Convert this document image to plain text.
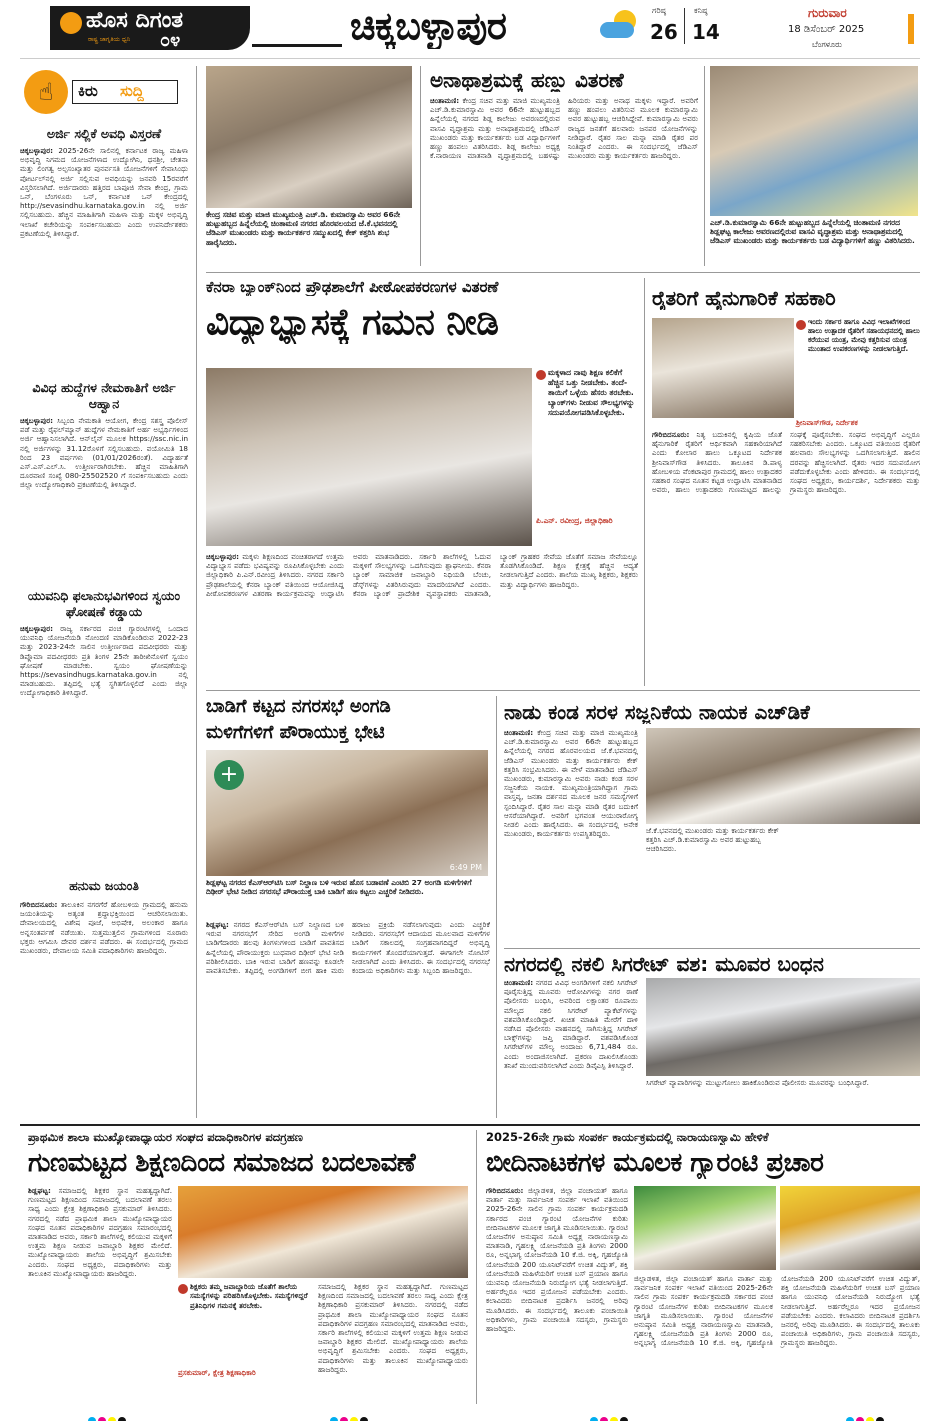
ಹೊಸ ದಿಗಂತ
ರಾಷ್ಟ್ರ ಜಾಗೃತಿಯ ಧ್ವನಿ ೦೪	ಚಿಕ್ಕಬಳ್ಳಾಪುರ	ಗರಿಷ್ಠ
26
ಕನಿಷ್ಠ
14
ಗುರುವಾರ
18 ಡಿಸೆಂಬರ್ 2025
ಬೆಂಗಳೂರು
☝	ಕಿರು ಸುದ್ದಿ
ಅರ್ಜಿ ಸಲ್ಲಿಕೆ ಅವಧಿ ವಿಸ್ತರಣೆ
ಚಿಕ್ಕಬಳ್ಳಾಪುರ: 2025-26ನೇ ಸಾಲಿನಲ್ಲಿ ಕರ್ನಾಟಕ ರಾಜ್ಯ ಮಹಿಳಾ ಅಭಿವೃದ್ಧಿ ನಿಗಮದ ಯೋಜನೆಗಳಾದ ಉದ್ಯೋಗಿನಿ, ಧನಶ್ರೀ, ಚೇತನಾ ಮತ್ತು ಲಿಂಗತ್ವ ಅಲ್ಪಸಂಖ್ಯಾತರ ಪುನರ್ವಸತಿ ಯೋಜನೆಗಳಿಗೆ ಸೇವಾಸಿಂಧು ಪೋರ್ಟಲ್‌ನಲ್ಲಿ ಅರ್ಜಿ ಸಲ್ಲಿಸುವ ಅವಧಿಯನ್ನು ಜನವರಿ 15ರವರೆಗೆ ವಿಸ್ತರಿಸಲಾಗಿದೆ. ಅರ್ಜಿದಾರರು ಹತ್ತಿರದ ಬಾಪೂಜಿ ಸೇವಾ ಕೇಂದ್ರ, ಗ್ರಾಮ ಒನ್, ಬೆಂಗಳೂರು ಒನ್, ಕರ್ನಾಟಕ ಒನ್ ಕೇಂದ್ರದಲ್ಲಿ http://sevasindhu.karnataka.gov.in ನಲ್ಲಿ ಅರ್ಜಿ ಸಲ್ಲಿಸಬಹುದು. ಹೆಚ್ಚಿನ ಮಾಹಿತಿಗಾಗಿ ಮಹಿಳಾ ಮತ್ತು ಮಕ್ಕಳ ಅಭಿವೃದ್ಧಿ ಇಲಾಖೆ ಕಚೇರಿಯನ್ನು ಸಂಪರ್ಕಿಸಬಹುದು ಎಂದು ಉಪನಿರ್ದೇಶಕರು ಪ್ರಕಟಣೆಯಲ್ಲಿ ತಿಳಿಸಿದ್ದಾರೆ.
ವಿವಿಧ ಹುದ್ದೆಗಳ ನೇಮಕಾತಿಗೆ ಅರ್ಜಿ ಆಹ್ವಾನ
ಚಿಕ್ಕಬಳ್ಳಾಪುರ: ಸಿಬ್ಬಂದಿ ನೇಮಕಾತಿ ಆಯೋಗ, ಕೇಂದ್ರ ಸಶಸ್ತ್ರ ಪೊಲೀಸ್ ಪಡೆ ಮತ್ತು ರೈಫಲ್‌ಮ್ಯಾನ್ ಹುದ್ದೆಗಳ ನೇಮಕಾತಿಗೆ ಅರ್ಹ ಅಭ್ಯರ್ಥಿಗಳಿಂದ ಅರ್ಜಿ ಆಹ್ವಾನಿಸಲಾಗಿದೆ. ಆನ್‌ಲೈನ್ ಮೂಲಕ https://ssc.nic.in ನಲ್ಲಿ ಅರ್ಜಿಗಳನ್ನು 31.12ರೊಳಗೆ ಸಲ್ಲಿಸಬಹುದು. ವಯೋಮಿತಿ 18 ರಿಂದ 23 ವರ್ಷಗಳು (01/01/2026ರಂತೆ). ವಿದ್ಯಾರ್ಹತೆ ಎಸ್.ಎಸ್.ಎಲ್.ಸಿ. ಉತ್ತೀರ್ಣರಾಗಿರಬೇಕು. ಹೆಚ್ಚಿನ ಮಾಹಿತಿಗಾಗಿ ದೂರವಾಣಿ ಸಂಖ್ಯೆ 080-25502520 ಗೆ ಸಂಪರ್ಕಿಸಬಹುದು ಎಂದು ಜಿಲ್ಲಾ ಉದ್ಯೋಗಾಧಿಕಾರಿ ಪ್ರಕಟಣೆಯಲ್ಲಿ ತಿಳಿಸಿದ್ದಾರೆ.
ಯುವನಿಧಿ ಫಲಾನುಭವಿಗಳಿಂದ ಸ್ವಯಂ ಘೋಷಣೆ ಕಡ್ಡಾಯ
ಚಿಕ್ಕಬಳ್ಳಾಪುರ: ರಾಜ್ಯ ಸರ್ಕಾರದ ಪಂಚ ಗ್ಯಾರಂಟಿಗಳಲ್ಲಿ ಒಂದಾದ ಯುವನಿಧಿ ಯೋಜನೆಯಡಿ ನೋಂದಣಿ ಮಾಡಿಕೊಂಡಿರುವ 2022-23 ಮತ್ತು 2023-24ನೇ ಸಾಲಿನ ಉತ್ತೀರ್ಣರಾದ ಪದವೀಧರರು ಮತ್ತು ಡಿಪ್ಲೊಮಾ ಪದವೀಧರರು ಪ್ರತಿ ತಿಂಗಳ 25ನೇ ತಾರೀಖಿನೊಳಗೆ ಸ್ವಯಂ ಘೋಷಣೆ ಮಾಡಬೇಕು. ಸ್ವಯಂ ಘೋಷಣೆಯನ್ನು https://sevasindhugs.karnataka.gov.in ನಲ್ಲಿ ಮಾಡಬಹುದು. ತಪ್ಪಿದಲ್ಲಿ ಭತ್ಯೆ ಸ್ಥಗಿತಗೊಳ್ಳಲಿದೆ ಎಂದು ಜಿಲ್ಲಾ ಉದ್ಯೋಗಾಧಿಕಾರಿ ತಿಳಿಸಿದ್ದಾರೆ.
ಹನುಮ ಜಯಂತಿ
ಗೌರಿಬಿದನೂರು: ತಾಲೂಕಿನ ನಗರಗೆರೆ ಹೋಬಳಿಯ ಗ್ರಾಮದಲ್ಲಿ ಹನುಮ ಜಯಂತಿಯನ್ನು ಅತ್ಯಂತ ಶ್ರದ್ಧಾಭಕ್ತಿಯಿಂದ ಆಚರಿಸಲಾಯಿತು. ದೇವಾಲಯದಲ್ಲಿ ವಿಶೇಷ ಪೂಜೆ, ಅಭಿಷೇಕ, ಅಲಂಕಾರ ಹಾಗೂ ಅನ್ನಸಂತರ್ಪಣೆ ನಡೆಯಿತು. ಸುತ್ತಮುತ್ತಲಿನ ಗ್ರಾಮಗಳಿಂದ ನೂರಾರು ಭಕ್ತರು ಆಗಮಿಸಿ ದೇವರ ದರ್ಶನ ಪಡೆದರು. ಈ ಸಂದರ್ಭದಲ್ಲಿ ಗ್ರಾಮದ ಮುಖಂಡರು, ದೇವಾಲಯ ಸಮಿತಿ ಪದಾಧಿಕಾರಿಗಳು ಹಾಜರಿದ್ದರು.
ಕೇಂದ್ರ ಸಚಿವ ಮತ್ತು ಮಾಜಿ ಮುಖ್ಯಮಂತ್ರಿ ಎಚ್.ಡಿ. ಕುಮಾರಸ್ವಾಮಿ ಅವರ 66ನೇ ಹುಟ್ಟುಹಬ್ಬದ ಹಿನ್ನೆಲೆಯಲ್ಲಿ ಚಿಂತಾಮಣಿ ನಗರದ ಹೊರವಲಯದ ಜೆ.ಕೆ.ಭವನದಲ್ಲಿ ಜೆಡಿಎಸ್ ಮುಖಂಡರು ಮತ್ತು ಕಾರ್ಯಕರ್ತರ ಸಮ್ಮುಖದಲ್ಲಿ ಕೇಕ್ ಕತ್ತರಿಸಿ ಶುಭ ಹಾರೈಸಿದರು.
ಅನಾಥಾಶ್ರಮಕ್ಕೆ ಹಣ್ಣು ವಿತರಣೆ
ಚಿಂತಾಮಣಿ: ಕೇಂದ್ರ ಸಚಿವ ಮತ್ತು ಮಾಜಿ ಮುಖ್ಯಮಂತ್ರಿ ಎಚ್.ಡಿ.ಕುಮಾರಸ್ವಾಮಿ ಅವರ 66ನೇ ಹುಟ್ಟುಹಬ್ಬದ ಹಿನ್ನೆಲೆಯಲ್ಲಿ ನಗರದ ಶಿಡ್ಲ ಕಾಲೇಜು ಅವರಣದಲ್ಲಿರುವ ವಾಸವಿ ವೃದ್ಧಾಶ್ರಮ ಮತ್ತು ಅನಾಥಾಶ್ರಮದಲ್ಲಿ ಜೆಡಿಎಸ್ ಮುಖಂಡರು ಮತ್ತು ಕಾರ್ಯಕರ್ತರು ಬಡ ವಿದ್ಯಾರ್ಥಿಗಳಿಗೆ ಹಣ್ಣು ಹಂಪಲು ವಿತರಿಸಿದರು. ಶಿಡ್ಲ ಕಾಲೇಜು ಅಧ್ಯಕ್ಷ ಕೆ.ನಾರಾಯಣ ಮಾತನಾಡಿ ವೃದ್ಧಾಶ್ರಮದಲ್ಲಿ ಬಹಳಷ್ಟು ಹಿರಿಯರು ಮತ್ತು ಅನಾಥ ಮಕ್ಕಳು ಇದ್ದಾರೆ. ಅವರಿಗೆ ಹಣ್ಣು ಹಂಪಲು ವಿತರಿಸುವ ಮೂಲಕ ಕುಮಾರಸ್ವಾಮಿ ಅವರ ಹುಟ್ಟುಹಬ್ಬ ಆಚರಿಸಿದ್ದೇವೆ. ಕುಮಾರಸ್ವಾಮಿ ಅವರು ರಾಜ್ಯದ ಜನತೆಗೆ ಹಲವಾರು ಜನಪರ ಯೋಜನೆಗಳನ್ನು ನೀಡಿದ್ದಾರೆ. ರೈತರ ಸಾಲ ಮನ್ನಾ ಮಾಡಿ ರೈತರ ಪರ ನಿಂತಿದ್ದಾರೆ ಎಂದರು. ಈ ಸಂದರ್ಭದಲ್ಲಿ ಜೆಡಿಎಸ್ ಮುಖಂಡರು ಮತ್ತು ಕಾರ್ಯಕರ್ತರು ಹಾಜರಿದ್ದರು.
ಎಚ್.ಡಿ.ಕುಮಾರಸ್ವಾಮಿ 66ನೇ ಹುಟ್ಟುಹಬ್ಬದ ಹಿನ್ನೆಲೆಯಲ್ಲಿ ಚಿಂತಾಮಣಿ ನಗರದ ಶಿಡ್ಲಘಟ್ಟ ಕಾಲೇಜು ಅವರಣದಲ್ಲಿರುವ ವಾಸವಿ ವೃದ್ಧಾಶ್ರಮ ಮತ್ತು ಅನಾಥಾಶ್ರಮದಲ್ಲಿ ಜೆಡಿಎಸ್ ಮುಖಂಡರು ಮತ್ತು ಕಾರ್ಯಕರ್ತರು ಬಡ ವಿದ್ಯಾರ್ಥಿಗಳಿಗೆ ಹಣ್ಣು ವಿತರಿಸಿದರು.
ಕೆನರಾ ಬ್ಯಾಂಕ್‌ನಿಂದ ಪ್ರೌಢಶಾಲೆಗೆ ಪೀಠೋಪಕರಣಗಳ ವಿತರಣೆ
ವಿದ್ಯಾಭ್ಯಾಸಕ್ಕೆ ಗಮನ ನೀಡಿ
ಮಕ್ಕಳಾದ ನಾವು ಶಿಕ್ಷಣ ಕಲಿಕೆಗೆ ಹೆಚ್ಚಿನ ಒತ್ತು ನೀಡಬೇಕು. ತಂದೆ-ತಾಯಿಗೆ ಒಳ್ಳೆಯ ಹೆಸರು ತರಬೇಕು. ಬ್ಯಾಂಕ್‌ಗಳು ನೀಡುವ ಸೌಲಭ್ಯಗಳನ್ನು ಸದುಪಯೋಗಪಡಿಸಿಕೊಳ್ಳಬೇಕು.
ಪಿ.ಎನ್. ರವೀಂದ್ರ, ಜಿಲ್ಲಾಧಿಕಾರಿ
ಚಿಕ್ಕಬಳ್ಳಾಪುರ: ಮಕ್ಕಳು ಶಿಕ್ಷಣದಿಂದ ವಂಚಿತರಾಗದೆ ಉತ್ತಮ ವಿದ್ಯಾಭ್ಯಾಸ ಪಡೆದು ಭವಿಷ್ಯವನ್ನು ರೂಪಿಸಿಕೊಳ್ಳಬೇಕು ಎಂದು ಜಿಲ್ಲಾಧಿಕಾರಿ ಪಿ.ಎನ್.ರವೀಂದ್ರ ತಿಳಿಸಿದರು. ನಗರದ ಸರ್ಕಾರಿ ಪ್ರೌಢಶಾಲೆಯಲ್ಲಿ ಕೆನರಾ ಬ್ಯಾಂಕ್ ವತಿಯಿಂದ ಆಯೋಜಿಸಿದ್ದ ಪೀಠೋಪಕರಣಗಳ ವಿತರಣಾ ಕಾರ್ಯಕ್ರಮವನ್ನು ಉದ್ಘಾಟಿಸಿ ಅವರು ಮಾತನಾಡಿದರು. ಸರ್ಕಾರಿ ಶಾಲೆಗಳಲ್ಲಿ ಓದುವ ಮಕ್ಕಳಿಗೆ ಸೌಲಭ್ಯಗಳನ್ನು ಒದಗಿಸುವುದು ಶ್ಲಾಘನೀಯ. ಕೆನರಾ ಬ್ಯಾಂಕ್ ಸಾಮಾಜಿಕ ಜವಾಬ್ದಾರಿ ನಿಧಿಯಡಿ ಬೆಂಚು, ಡೆಸ್ಕ್‌ಗಳನ್ನು ವಿತರಿಸಿರುವುದು ಮಾದರಿಯಾಗಿದೆ ಎಂದರು. ಕೆನರಾ ಬ್ಯಾಂಕ್ ಪ್ರಾದೇಶಿಕ ವ್ಯವಸ್ಥಾಪಕರು ಮಾತನಾಡಿ, ಬ್ಯಾಂಕ್ ಗ್ರಾಹಕರ ಸೇವೆಯ ಜೊತೆಗೆ ಸಮಾಜ ಸೇವೆಯಲ್ಲೂ ತೊಡಗಿಸಿಕೊಂಡಿದೆ. ಶಿಕ್ಷಣ ಕ್ಷೇತ್ರಕ್ಕೆ ಹೆಚ್ಚಿನ ಆದ್ಯತೆ ನೀಡಲಾಗುತ್ತಿದೆ ಎಂದರು. ಶಾಲೆಯ ಮುಖ್ಯ ಶಿಕ್ಷಕರು, ಶಿಕ್ಷಕರು ಮತ್ತು ವಿದ್ಯಾರ್ಥಿಗಳು ಹಾಜರಿದ್ದರು.
ರೈತರಿಗೆ ಹೈನುಗಾರಿಕೆ ಸಹಕಾರಿ
ಇಂದು ಸರ್ಕಾರ ಹಾಗೂ ವಿವಿಧ ಇಲಾಖೆಗಳಿಂದ ಹಾಲು ಉತ್ಪಾದಕ ರೈತರಿಗೆ ಸಹಾಯಧನದಲ್ಲಿ ಹಾಲು ಕರೆಯುವ ಯಂತ್ರ, ಮೇವು ಕತ್ತರಿಸುವ ಯಂತ್ರ ಮುಂತಾದ ಉಪಕರಣಗಳನ್ನು ನೀಡಲಾಗುತ್ತಿದೆ.
ಶ್ರೀನಿವಾಸ್‌ಗೌಡ, ನಿರ್ದೇಶಕ
ಗೌರಿಬಿದನೂರು: ನಿತ್ಯ ಬದುಕಿನಲ್ಲಿ ಕೃಷಿಯ ಜೊತೆ ಹೈನುಗಾರಿಕೆ ರೈತರಿಗೆ ಆರ್ಥಿಕವಾಗಿ ಸಹಕಾರಿಯಾಗಿದೆ ಎಂದು ಕೋಲಾರ ಹಾಲು ಒಕ್ಕೂಟದ ನಿರ್ದೇಶಕ ಶ್ರೀನಿವಾಸ್‌ಗೌಡ ತಿಳಿಸಿದರು. ತಾಲೂಕಿನ ಡಿ.ಪಾಳ್ಯ ಹೋಬಳಿಯ ವೆಂಕಟಾಪುರ ಗ್ರಾಮದಲ್ಲಿ ಹಾಲು ಉತ್ಪಾದಕರ ಸಹಕಾರ ಸಂಘದ ನೂತನ ಕಟ್ಟಡ ಉದ್ಘಾಟಿಸಿ ಮಾತನಾಡಿದ ಅವರು, ಹಾಲು ಉತ್ಪಾದಕರು ಗುಣಮಟ್ಟದ ಹಾಲನ್ನು ಸಂಘಕ್ಕೆ ಪೂರೈಸಬೇಕು. ಸಂಘದ ಅಭಿವೃದ್ಧಿಗೆ ಎಲ್ಲರೂ ಸಹಕರಿಸಬೇಕು ಎಂದರು. ಒಕ್ಕೂಟದ ವತಿಯಿಂದ ರೈತರಿಗೆ ಹಲವಾರು ಸೌಲಭ್ಯಗಳನ್ನು ಒದಗಿಸಲಾಗುತ್ತಿದೆ. ಹಾಲಿನ ದರವನ್ನು ಹೆಚ್ಚಿಸಲಾಗಿದೆ. ರೈತರು ಇದರ ಸದುಪಯೋಗ ಪಡೆದುಕೊಳ್ಳಬೇಕು ಎಂದು ಹೇಳಿದರು. ಈ ಸಂದರ್ಭದಲ್ಲಿ ಸಂಘದ ಅಧ್ಯಕ್ಷರು, ಕಾರ್ಯದರ್ಶಿ, ನಿರ್ದೇಶಕರು ಮತ್ತು ಗ್ರಾಮಸ್ಥರು ಹಾಜರಿದ್ದರು.
ಬಾಡಿಗೆ ಕಟ್ಟದ ನಗರಸಭೆ ಅಂಗಡಿ
ಮಳಿಗೆಗಳಿಗೆ ಪೌರಾಯುಕ್ತ ಭೇಟಿ
+
6:49 PM
ಶಿಡ್ಲಘಟ್ಟ ನಗರದ ಕೆಎಸ್‌ಆರ್‌ಟಿಸಿ ಬಸ್ ನಿಲ್ದಾಣ ಬಳಿ ಇರುವ ಹೊಸ ಬಡಾವಣೆ ಎಂಟಿಬಿ 27 ಅಂಗಡಿ ಮಳಿಗೆಗಳಿಗೆ ದಿಢೀರ್ ಭೇಟಿ ನೀಡಿದ ನಗರಸಭೆ ಪೌರಾಯುಕ್ತ ಬಾಕಿ ಬಾಡಿಗೆ ಹಣ ಕಟ್ಟಲು ಎಚ್ಚರಿಕೆ ನೀಡಿದರು.
ಶಿಡ್ಲಘಟ್ಟ: ನಗರದ ಕೆಎಸ್‌ಆರ್‌ಟಿಸಿ ಬಸ್ ನಿಲ್ದಾಣದ ಬಳಿ ಇರುವ ನಗರಸಭೆಗೆ ಸೇರಿದ ಅಂಗಡಿ ಮಳಿಗೆಗಳ ಬಾಡಿಗೆದಾರರು ಹಲವು ತಿಂಗಳುಗಳಿಂದ ಬಾಡಿಗೆ ಪಾವತಿಸದ ಹಿನ್ನೆಲೆಯಲ್ಲಿ ಪೌರಾಯುಕ್ತರು ಬುಧವಾರ ದಿಢೀರ್ ಭೇಟಿ ನೀಡಿ ಪರಿಶೀಲಿಸಿದರು. ಬಾಕಿ ಇರುವ ಬಾಡಿಗೆ ಹಣವನ್ನು ಕೂಡಲೇ ಪಾವತಿಸಬೇಕು. ತಪ್ಪಿದಲ್ಲಿ ಅಂಗಡಿಗಳಿಗೆ ಬೀಗ ಹಾಕಿ ಮರು ಹರಾಜು ಪ್ರಕ್ರಿಯೆ ನಡೆಸಲಾಗುವುದು ಎಂದು ಎಚ್ಚರಿಕೆ ನೀಡಿದರು. ನಗರಸಭೆಗೆ ಆದಾಯದ ಮೂಲವಾದ ಮಳಿಗೆಗಳ ಬಾಡಿಗೆ ಸಕಾಲದಲ್ಲಿ ಸಂಗ್ರಹವಾಗದಿದ್ದರೆ ಅಭಿವೃದ್ಧಿ ಕಾರ್ಯಗಳಿಗೆ ತೊಂದರೆಯಾಗುತ್ತದೆ. ಈಗಾಗಲೇ ನೋಟಿಸ್ ನೀಡಲಾಗಿದೆ ಎಂದು ತಿಳಿಸಿದರು. ಈ ಸಂದರ್ಭದಲ್ಲಿ ನಗರಸಭೆ ಕಂದಾಯ ಅಧಿಕಾರಿಗಳು ಮತ್ತು ಸಿಬ್ಬಂದಿ ಹಾಜರಿದ್ದರು.
ನಾಡು ಕಂಡ ಸರಳ ಸಜ್ಜನಿಕೆಯ ನಾಯಕ ಎಚ್‌ಡಿಕೆ
ಚಿಂತಾಮಣಿ: ಕೇಂದ್ರ ಸಚಿವ ಮತ್ತು ಮಾಜಿ ಮುಖ್ಯಮಂತ್ರಿ ಎಚ್.ಡಿ.ಕುಮಾರಸ್ವಾಮಿ ಅವರ 66ನೇ ಹುಟ್ಟುಹಬ್ಬದ ಹಿನ್ನೆಲೆಯಲ್ಲಿ ನಗರದ ಹೊರವಲಯದ ಜೆ.ಕೆ.ಭವನದಲ್ಲಿ ಜೆಡಿಎಸ್ ಮುಖಂಡರು ಮತ್ತು ಕಾರ್ಯಕರ್ತರು ಕೇಕ್ ಕತ್ತರಿಸಿ ಸಂಭ್ರಮಿಸಿದರು. ಈ ವೇಳೆ ಮಾತನಾಡಿದ ಜೆಡಿಎಸ್ ಮುಖಂಡರು, ಕುಮಾರಸ್ವಾಮಿ ಅವರು ನಾಡು ಕಂಡ ಸರಳ ಸಜ್ಜನಿಕೆಯ ನಾಯಕ. ಮುಖ್ಯಮಂತ್ರಿಯಾಗಿದ್ದಾಗ ಗ್ರಾಮ ವಾಸ್ತವ್ಯ, ಜನತಾ ದರ್ಶನದ ಮೂಲಕ ಜನರ ಸಮಸ್ಯೆಗಳಿಗೆ ಸ್ಪಂದಿಸಿದ್ದಾರೆ. ರೈತರ ಸಾಲ ಮನ್ನಾ ಮಾಡಿ ರೈತರ ಬದುಕಿಗೆ ಆಸರೆಯಾಗಿದ್ದಾರೆ. ಅವರಿಗೆ ಭಗವಂತ ಆಯುರಾರೋಗ್ಯ ನೀಡಲಿ ಎಂದು ಹಾರೈಸಿದರು. ಈ ಸಂದರ್ಭದಲ್ಲಿ ಅನೇಕ ಮುಖಂಡರು, ಕಾರ್ಯಕರ್ತರು ಉಪಸ್ಥಿತರಿದ್ದರು.	ಜೆ.ಕೆ.ಭವನದಲ್ಲಿ ಮುಖಂಡರು ಮತ್ತು ಕಾರ್ಯಕರ್ತರು ಕೇಕ್ ಕತ್ತರಿಸಿ ಎಚ್.ಡಿ.ಕುಮಾರಸ್ವಾಮಿ ಅವರ ಹುಟ್ಟುಹಬ್ಬ ಆಚರಿಸಿದರು.
ನಗರದಲ್ಲಿ ನಕಲಿ ಸಿಗರೇಟ್ ವಶ: ಮೂವರ ಬಂಧನ
ಚಿಂತಾಮಣಿ: ನಗರದ ವಿವಿಧ ಅಂಗಡಿಗಳಿಗೆ ನಕಲಿ ಸಿಗರೇಟ್ ಪೂರೈಸುತ್ತಿದ್ದ ಮೂವರು ಆರೋಪಿಗಳನ್ನು ನಗರ ಠಾಣೆ ಪೊಲೀಸರು ಬಂಧಿಸಿ, ಅವರಿಂದ ಲಕ್ಷಾಂತರ ರೂಪಾಯಿ ಮೌಲ್ಯದ ನಕಲಿ ಸಿಗರೇಟ್ ಪ್ಯಾಕೆಟ್‌ಗಳನ್ನು ವಶಪಡಿಸಿಕೊಂಡಿದ್ದಾರೆ. ಖಚಿತ ಮಾಹಿತಿ ಮೇರೆಗೆ ದಾಳಿ ನಡೆಸಿದ ಪೊಲೀಸರು ವಾಹನದಲ್ಲಿ ಸಾಗಿಸುತ್ತಿದ್ದ ಸಿಗರೇಟ್ ಬಾಕ್ಸ್‌ಗಳನ್ನು ಜಪ್ತಿ ಮಾಡಿದ್ದಾರೆ. ವಶಪಡಿಸಿಕೊಂಡ ಸಿಗರೇಟ್‌ಗಳ ಮೌಲ್ಯ ಅಂದಾಜು 6,71,484 ರೂ. ಎಂದು ಅಂದಾಜಿಸಲಾಗಿದೆ. ಪ್ರಕರಣ ದಾಖಲಿಸಿಕೊಂಡು ತನಿಖೆ ಮುಂದುವರಿಸಲಾಗಿದೆ ಎಂದು ಡಿವೈಎಸ್ಪಿ ತಿಳಿಸಿದ್ದಾರೆ.
ಸಿಗರೇಟ್ ವ್ಯಾಪಾರಿಗಳನ್ನು ಮುಟ್ಟುಗೋಲು ಹಾಕಿಕೊಂಡಿರುವ ಪೊಲೀಸರು ಮೂವರನ್ನು ಬಂಧಿಸಿದ್ದಾರೆ.
ಪ್ರಾಥಮಿಕ ಶಾಲಾ ಮುಖ್ಯೋಪಾಧ್ಯಾಯರ ಸಂಘದ ಪದಾಧಿಕಾರಿಗಳ ಪದಗ್ರಹಣ
ಗುಣಮಟ್ಟದ ಶಿಕ್ಷಣದಿಂದ ಸಮಾಜದ ಬದಲಾವಣೆ
ಶಿಡ್ಲಘಟ್ಟ: ಸಮಾಜದಲ್ಲಿ ಶಿಕ್ಷಕರ ಸ್ಥಾನ ಮಹತ್ವದ್ದಾಗಿದೆ. ಗುಣಮಟ್ಟದ ಶಿಕ್ಷಣದಿಂದ ಸಮಾಜದಲ್ಲಿ ಬದಲಾವಣೆ ತರಲು ಸಾಧ್ಯ ಎಂದು ಕ್ಷೇತ್ರ ಶಿಕ್ಷಣಾಧಿಕಾರಿ ಪ್ರಸಕುಮಾರ್ ತಿಳಿಸಿದರು. ನಗರದಲ್ಲಿ ನಡೆದ ಪ್ರಾಥಮಿಕ ಶಾಲಾ ಮುಖ್ಯೋಪಾಧ್ಯಾಯರ ಸಂಘದ ನೂತನ ಪದಾಧಿಕಾರಿಗಳ ಪದಗ್ರಹಣ ಸಮಾರಂಭದಲ್ಲಿ ಮಾತನಾಡಿದ ಅವರು, ಸರ್ಕಾರಿ ಶಾಲೆಗಳಲ್ಲಿ ಕಲಿಯುವ ಮಕ್ಕಳಿಗೆ ಉತ್ತಮ ಶಿಕ್ಷಣ ನೀಡುವ ಜವಾಬ್ದಾರಿ ಶಿಕ್ಷಕರ ಮೇಲಿದೆ. ಮುಖ್ಯೋಪಾಧ್ಯಾಯರು ಶಾಲೆಯ ಅಭಿವೃದ್ಧಿಗೆ ಶ್ರಮಿಸಬೇಕು ಎಂದರು. ಸಂಘದ ಅಧ್ಯಕ್ಷರು, ಪದಾಧಿಕಾರಿಗಳು ಮತ್ತು ತಾಲೂಕಿನ ಮುಖ್ಯೋಪಾಧ್ಯಾಯರು ಹಾಜರಿದ್ದರು.
ಶಿಕ್ಷಕರು ತಮ್ಮ ಜವಾಬ್ದಾರಿಯ ಜೊತೆಗೆ ಶಾಲೆಯ ಸಮಸ್ಯೆಗಳನ್ನು ಪರಿಹರಿಸಿಕೊಳ್ಳಬೇಕು. ಸಮಸ್ಯೆಗಳಿದ್ದರೆ ಪ್ರತಿನಿಧಿಗಳ ಗಮನಕ್ಕೆ ತರಬೇಕು.
ಪ್ರಸಕುಮಾರ್, ಕ್ಷೇತ್ರ ಶಿಕ್ಷಣಾಧಿಕಾರಿ
ಸಮಾಜದಲ್ಲಿ ಶಿಕ್ಷಕರ ಸ್ಥಾನ ಮಹತ್ವದ್ದಾಗಿದೆ. ಗುಣಮಟ್ಟದ ಶಿಕ್ಷಣದಿಂದ ಸಮಾಜದಲ್ಲಿ ಬದಲಾವಣೆ ತರಲು ಸಾಧ್ಯ ಎಂದು ಕ್ಷೇತ್ರ ಶಿಕ್ಷಣಾಧಿಕಾರಿ ಪ್ರಸಕುಮಾರ್ ತಿಳಿಸಿದರು. ನಗರದಲ್ಲಿ ನಡೆದ ಪ್ರಾಥಮಿಕ ಶಾಲಾ ಮುಖ್ಯೋಪಾಧ್ಯಾಯರ ಸಂಘದ ನೂತನ ಪದಾಧಿಕಾರಿಗಳ ಪದಗ್ರಹಣ ಸಮಾರಂಭದಲ್ಲಿ ಮಾತನಾಡಿದ ಅವರು, ಸರ್ಕಾರಿ ಶಾಲೆಗಳಲ್ಲಿ ಕಲಿಯುವ ಮಕ್ಕಳಿಗೆ ಉತ್ತಮ ಶಿಕ್ಷಣ ನೀಡುವ ಜವಾಬ್ದಾರಿ ಶಿಕ್ಷಕರ ಮೇಲಿದೆ. ಮುಖ್ಯೋಪಾಧ್ಯಾಯರು ಶಾಲೆಯ ಅಭಿವೃದ್ಧಿಗೆ ಶ್ರಮಿಸಬೇಕು ಎಂದರು. ಸಂಘದ ಅಧ್ಯಕ್ಷರು, ಪದಾಧಿಕಾರಿಗಳು ಮತ್ತು ತಾಲೂಕಿನ ಮುಖ್ಯೋಪಾಧ್ಯಾಯರು ಹಾಜರಿದ್ದರು.
2025-26ನೇ ಗ್ರಾಮ ಸಂಪರ್ಕ ಕಾರ್ಯಕ್ರಮದಲ್ಲಿ ನಾರಾಯಣಸ್ವಾಮಿ ಹೇಳಿಕೆ
ಬೀದಿನಾಟಕಗಳ ಮೂಲಕ ಗ್ಯಾರಂಟಿ ಪ್ರಚಾರ
ಗೌರಿಬಿದನೂರು: ಜಿಲ್ಲಾಡಳಿತ, ಜಿಲ್ಲಾ ಪಂಚಾಯತ್ ಹಾಗೂ ವಾರ್ತಾ ಮತ್ತು ಸಾರ್ವಜನಿಕ ಸಂಪರ್ಕ ಇಲಾಖೆ ವತಿಯಿಂದ 2025-26ನೇ ಸಾಲಿನ ಗ್ರಾಮ ಸಂಪರ್ಕ ಕಾರ್ಯಕ್ರಮದಡಿ ಸರ್ಕಾರದ ಪಂಚ ಗ್ಯಾರಂಟಿ ಯೋಜನೆಗಳ ಕುರಿತು ಬೀದಿನಾಟಕಗಳ ಮೂಲಕ ಜಾಗೃತಿ ಮೂಡಿಸಲಾಯಿತು. ಗ್ಯಾರಂಟಿ ಯೋಜನೆಗಳ ಅನುಷ್ಠಾನ ಸಮಿತಿ ಅಧ್ಯಕ್ಷ ನಾರಾಯಣಸ್ವಾಮಿ ಮಾತನಾಡಿ, ಗೃಹಲಕ್ಷ್ಮಿ ಯೋಜನೆಯಡಿ ಪ್ರತಿ ತಿಂಗಳು 2000 ರೂ, ಅನ್ನಭಾಗ್ಯ ಯೋಜನೆಯಡಿ 10 ಕೆ.ಜಿ. ಅಕ್ಕಿ, ಗೃಹಜ್ಯೋತಿ ಯೋಜನೆಯಡಿ 200 ಯೂನಿಟ್‌ವರೆಗೆ ಉಚಿತ ವಿದ್ಯುತ್, ಶಕ್ತಿ ಯೋಜನೆಯಡಿ ಮಹಿಳೆಯರಿಗೆ ಉಚಿತ ಬಸ್ ಪ್ರಯಾಣ ಹಾಗೂ ಯುವನಿಧಿ ಯೋಜನೆಯಡಿ ನಿರುದ್ಯೋಗ ಭತ್ಯೆ ನೀಡಲಾಗುತ್ತಿದೆ. ಅರ್ಹರೆಲ್ಲರೂ ಇದರ ಪ್ರಯೋಜನ ಪಡೆಯಬೇಕು ಎಂದರು. ಕಲಾವಿದರು ಬೀದಿನಾಟಕ ಪ್ರದರ್ಶಿಸಿ ಜನರಲ್ಲಿ ಅರಿವು ಮೂಡಿಸಿದರು. ಈ ಸಂದರ್ಭದಲ್ಲಿ ತಾಲೂಕು ಪಂಚಾಯಿತಿ ಅಧಿಕಾರಿಗಳು, ಗ್ರಾಮ ಪಂಚಾಯಿತಿ ಸದಸ್ಯರು, ಗ್ರಾಮಸ್ಥರು ಹಾಜರಿದ್ದರು.
ಜಿಲ್ಲಾಡಳಿತ, ಜಿಲ್ಲಾ ಪಂಚಾಯತ್ ಹಾಗೂ ವಾರ್ತಾ ಮತ್ತು ಸಾರ್ವಜನಿಕ ಸಂಪರ್ಕ ಇಲಾಖೆ ವತಿಯಿಂದ 2025-26ನೇ ಸಾಲಿನ ಗ್ರಾಮ ಸಂಪರ್ಕ ಕಾರ್ಯಕ್ರಮದಡಿ ಸರ್ಕಾರದ ಪಂಚ ಗ್ಯಾರಂಟಿ ಯೋಜನೆಗಳ ಕುರಿತು ಬೀದಿನಾಟಕಗಳ ಮೂಲಕ ಜಾಗೃತಿ ಮೂಡಿಸಲಾಯಿತು. ಗ್ಯಾರಂಟಿ ಯೋಜನೆಗಳ ಅನುಷ್ಠಾನ ಸಮಿತಿ ಅಧ್ಯಕ್ಷ ನಾರಾಯಣಸ್ವಾಮಿ ಮಾತನಾಡಿ, ಗೃಹಲಕ್ಷ್ಮಿ ಯೋಜನೆಯಡಿ ಪ್ರತಿ ತಿಂಗಳು 2000 ರೂ, ಅನ್ನಭಾಗ್ಯ ಯೋಜನೆಯಡಿ 10 ಕೆ.ಜಿ. ಅಕ್ಕಿ, ಗೃಹಜ್ಯೋತಿ ಯೋಜನೆಯಡಿ 200 ಯೂನಿಟ್‌ವರೆಗೆ ಉಚಿತ ವಿದ್ಯುತ್, ಶಕ್ತಿ ಯೋಜನೆಯಡಿ ಮಹಿಳೆಯರಿಗೆ ಉಚಿತ ಬಸ್ ಪ್ರಯಾಣ ಹಾಗೂ ಯುವನಿಧಿ ಯೋಜನೆಯಡಿ ನಿರುದ್ಯೋಗ ಭತ್ಯೆ ನೀಡಲಾಗುತ್ತಿದೆ. ಅರ್ಹರೆಲ್ಲರೂ ಇದರ ಪ್ರಯೋಜನ ಪಡೆಯಬೇಕು ಎಂದರು. ಕಲಾವಿದರು ಬೀದಿನಾಟಕ ಪ್ರದರ್ಶಿಸಿ ಜನರಲ್ಲಿ ಅರಿವು ಮೂಡಿಸಿದರು. ಈ ಸಂದರ್ಭದಲ್ಲಿ ತಾಲೂಕು ಪಂಚಾಯಿತಿ ಅಧಿಕಾರಿಗಳು, ಗ್ರಾಮ ಪಂಚಾಯಿತಿ ಸದಸ್ಯರು, ಗ್ರಾಮಸ್ಥರು ಹಾಜರಿದ್ದರು.
